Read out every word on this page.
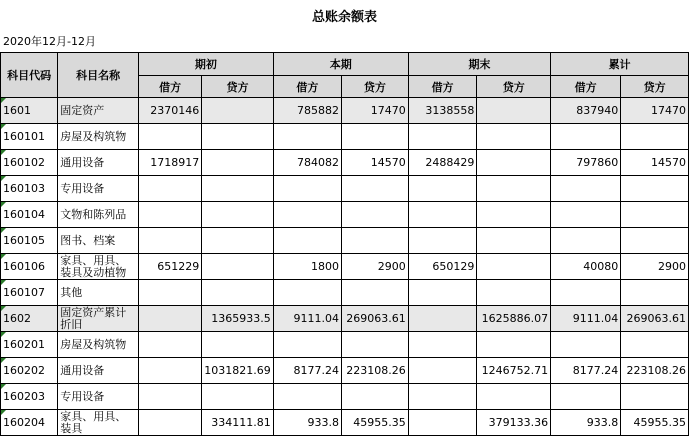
总账余额表
2020年12月-12月
科目代码	科目名称	期初		本期		期末		累计	
		借方	贷方	借方	贷方	借方	贷方	借方	贷方
1601	固定资产	2370146		785882	17470	3138558		837940	17470
160101	房屋及构筑物								
160102	通用设备	1718917		784082	14570	2488429		797860	14570
160103	专用设备								
160104	文物和陈列品								
160105	图书、档案								
160106	家具、用具、装具及动植物	651229		1800	2900	650129		40080	2900
160107	其他								
1602	固定资产累计折旧		1365933.5	9111.04	269063.61		1625886.07	9111.04	269063.61
160201	房屋及构筑物								
160202	通用设备		1031821.69	8177.24	223108.26		1246752.71	8177.24	223108.26
160203	专用设备								
160204	家具、用具、装具		334111.81	933.8	45955.35		379133.36	933.8	45955.35
